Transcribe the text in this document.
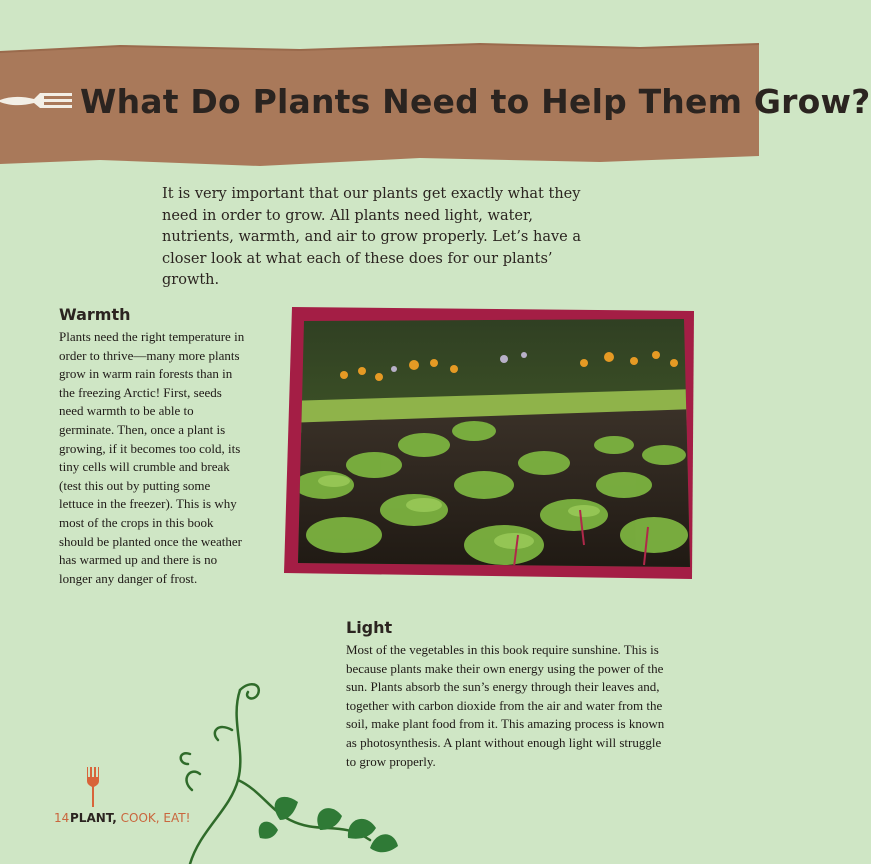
What Do Plants Need to Help Them Grow?

It is very important that our plants get exactly what they need in order to grow. All plants need light, water, nutrients, warmth, and air to grow properly. Let’s have a closer look at what each of these does for our plants’ growth.

Warmth

Plants need the right temperature in order to thrive—many more plants grow in warm rain forests than in the freezing Arctic! First, seeds need warmth to be able to germinate. Then, once a plant is growing, if it becomes too cold, its tiny cells will crumble and break (test this out by putting some lettuce in the freezer). This is why most of the crops in this book should be planted once the weather has warmed up and there is no longer any danger of frost.

Light

Most of the vegetables in this book require sunshine. This is because plants make their own energy using the power of the sun. Plants absorb the sun’s energy through their leaves and, together with carbon dioxide from the air and water from the soil, make plant food from it. This amazing process is known as photosynthesis. A plant without enough light will struggle to grow properly.

14 PLANT, COOK, EAT!
